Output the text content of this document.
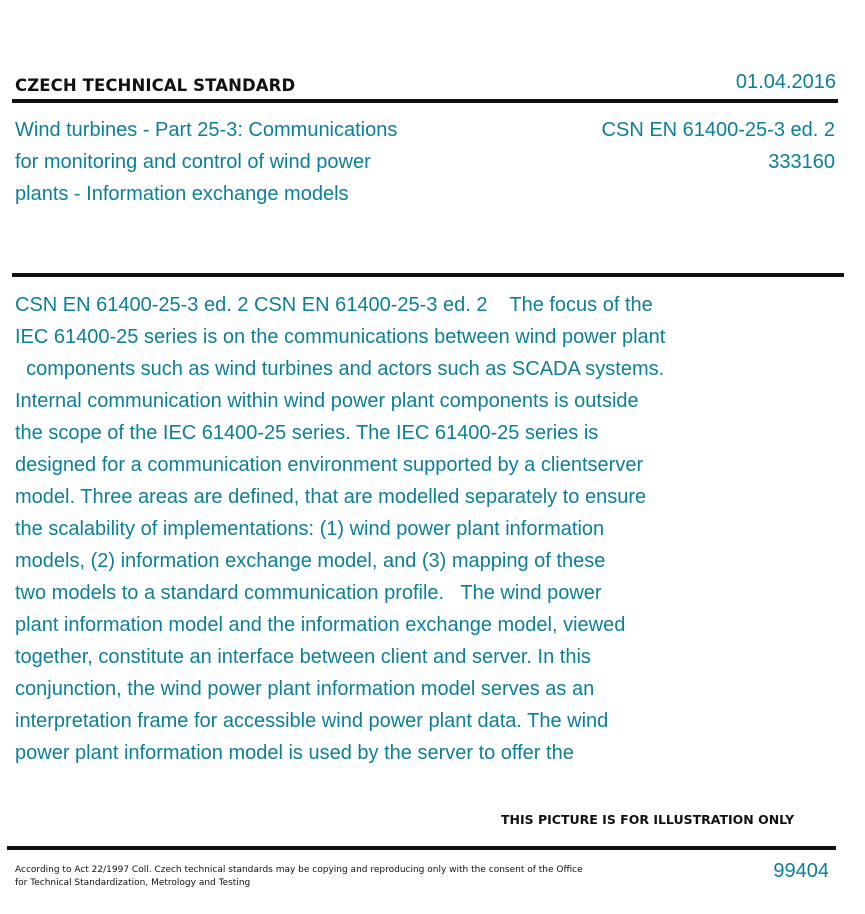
CZECH TECHNICAL STANDARD	01.04.2016
Wind turbines - Part 25-3: Communications
for monitoring and control of wind power
plants - Information exchange models
CSN EN 61400-25-3 ed. 2
333160
CSN EN 61400-25-3 ed. 2 CSN EN 61400-25-3 ed. 2    The focus of the
IEC 61400-25 series is on the communications between wind power plant
components such as wind turbines and actors such as SCADA systems.
Internal communication within wind power plant components is outside
the scope of the IEC 61400-25 series. The IEC 61400-25 series is
designed for a communication environment supported by a clientserver
model. Three areas are defined, that are modelled separately to ensure
the scalability of implementations: (1) wind power plant information
models, (2) information exchange model, and (3) mapping of these
two models to a standard communication profile.   The wind power
plant information model and the information exchange model, viewed
together, constitute an interface between client and server. In this
conjunction, the wind power plant information model serves as an
interpretation frame for accessible wind power plant data. The wind
power plant information model is used by the server to offer the
THIS PICTURE IS FOR ILLUSTRATION ONLY
According to Act 22/1997 Coll. Czech technical standards may be copying and reproducing only with the consent of the Office
for Technical Standardization, Metrology and Testing
99404
